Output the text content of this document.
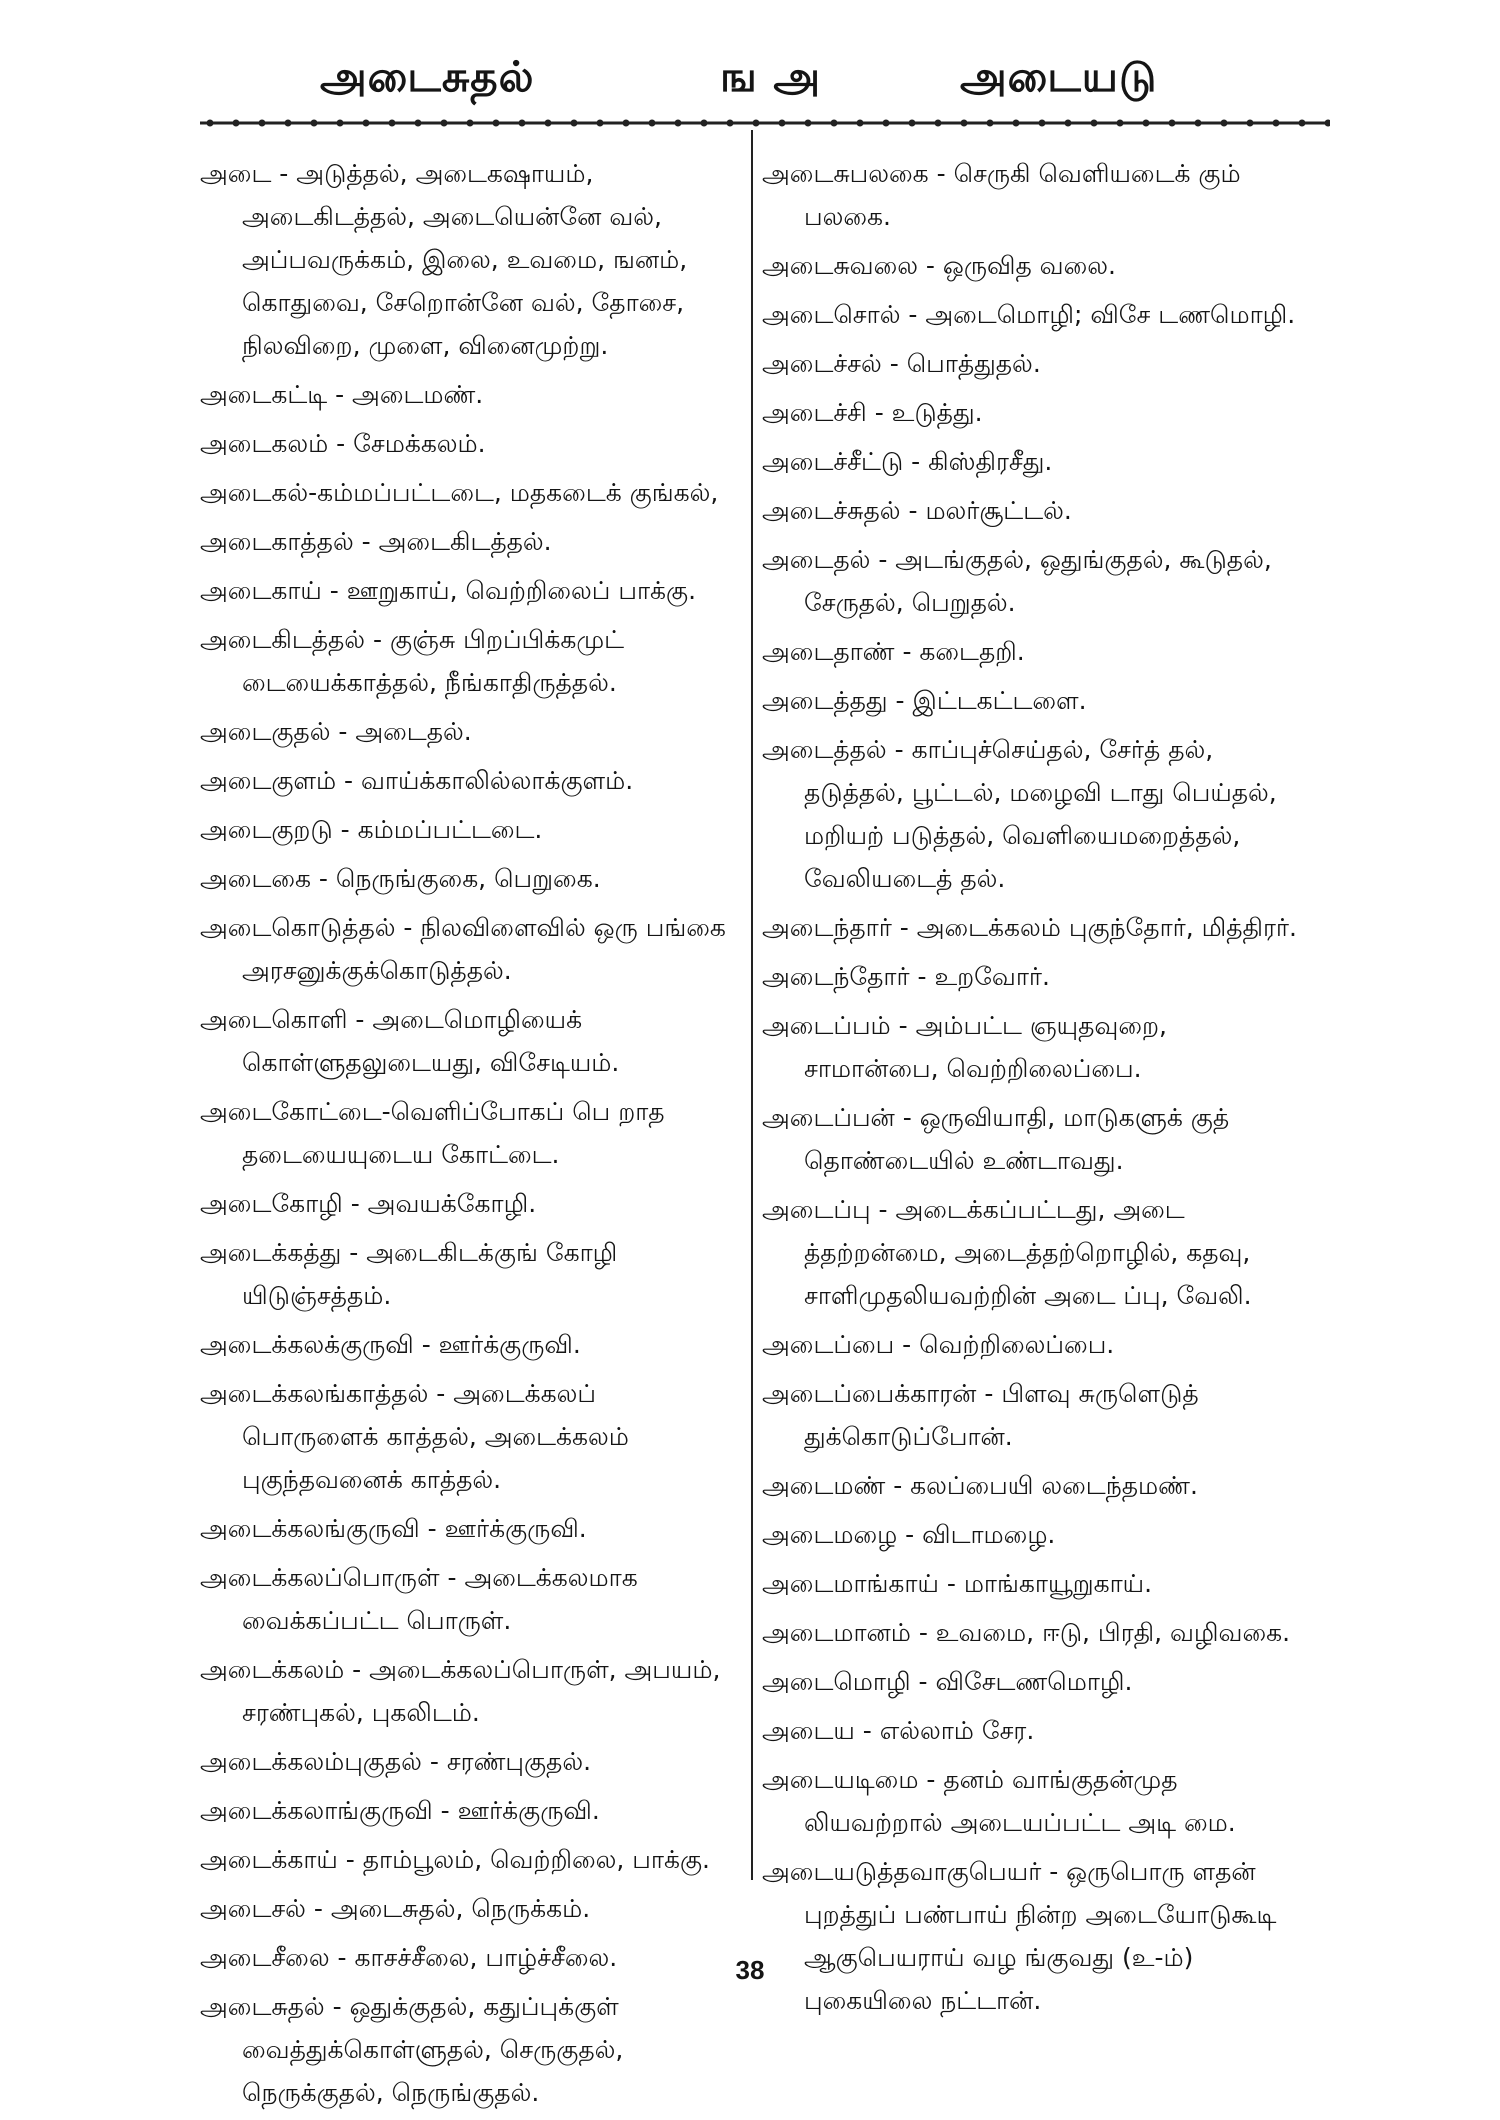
அடைசுதல்	ங அ	அடையடு
அடை - அடுத்தல், அடைகஷாயம், அடைகிடத்தல், அடையென்னே வல், அப்பவருக்கம், இலை, உவமை, ஙனம், கொதுவை, சேறொன்னே வல், தோசை, நிலவிறை, முளை, வினைமுற்று.
அடைகட்டி - அடைமண்.
அடைகலம் - சேமக்கலம்.
அடைகல்-கம்மப்பட்டடை, மதகடைக் குங்கல்,
அடைகாத்தல் - அடைகிடத்தல்.
அடைகாய் - ஊறுகாய், வெற்றிலைப் பாக்கு.
அடைகிடத்தல் - குஞ்சு பிறப்பிக்கமுட் டையைக்காத்தல், நீங்காதிருத்தல்.
அடைகுதல் - அடைதல்.
அடைகுளம் - வாய்க்காலில்லாக்குளம்.
அடைகுறடு - கம்மப்பட்டடை.
அடைகை - நெருங்குகை, பெறுகை.
அடைகொடுத்தல் - நிலவிளைவில் ஒரு பங்கை அரசனுக்குக்கொடுத்தல்.
அடைகொளி - அடைமொழியைக் கொள்ளுதலுடையது, விசேடியம்.
அடைகோட்டை-வெளிப்போகப் பெ றாத தடையையுடைய கோட்டை.
அடைகோழி - அவயக்கோழி.
அடைக்கத்து - அடைகிடக்குங் கோழி யிடுஞ்சத்தம்.
அடைக்கலக்குருவி - ஊர்க்குருவி.
அடைக்கலங்காத்தல் - அடைக்கலப் பொருளைக் காத்தல், அடைக்கலம் புகுந்தவனைக் காத்தல்.
அடைக்கலங்குருவி - ஊர்க்குருவி.
அடைக்கலப்பொருள் - அடைக்கலமாக வைக்கப்பட்ட பொருள்.
அடைக்கலம் - அடைக்கலப்பொருள், அபயம், சரண்புகல், புகலிடம்.
அடைக்கலம்புகுதல் - சரண்புகுதல்.
அடைக்கலாங்குருவி - ஊர்க்குருவி.
அடைக்காய் - தாம்பூலம், வெற்றிலை, பாக்கு.
அடைசல் - அடைசுதல், நெருக்கம்.
அடைசீலை - காசச்சீலை, பாழ்ச்சீலை.
அடைசுதல் - ஒதுக்குதல், கதுப்புக்குள் வைத்துக்கொள்ளுதல், செருகுதல், நெருக்குதல், நெருங்குதல்.
அடைசுபலகை - செருகி வெளியடைக் கும் பலகை.
அடைசுவலை - ஒருவித வலை.
அடைசொல் - அடைமொழி; விசே டணமொழி.
அடைச்சல் - பொத்துதல்.
அடைச்சி - உடுத்து.
அடைச்சீட்டு - கிஸ்திரசீது.
அடைச்சுதல் - மலர்சூட்டல்.
அடைதல் - அடங்குதல், ஒதுங்குதல், கூடுதல், சேருதல், பெறுதல்.
அடைதாண் - கடைதறி.
அடைத்தது - இட்டகட்டளை.
அடைத்தல் - காப்புச்செய்தல், சேர்த் தல், தடுத்தல், பூட்டல், மழைவி டாது பெய்தல், மறியற் படுத்தல், வெளியைமறைத்தல், வேலியடைத் தல்.
அடைந்தார் - அடைக்கலம் புகுந்தோர், மித்திரர்.
அடைந்தோர் - உறவோர்.
அடைப்பம் - அம்பட்ட ஞயுதவுறை, சாமான்பை, வெற்றிலைப்பை.
அடைப்பன் - ஒருவியாதி, மாடுகளுக் குத் தொண்டையில் உண்டாவது.
அடைப்பு - அடைக்கப்பட்டது, அடை த்தற்றன்மை, அடைத்தற்றொழில், கதவு, சாளிமுதலியவற்றின் அடை ப்பு, வேலி.
அடைப்பை - வெற்றிலைப்பை.
அடைப்பைக்காரன் - பிளவு சுருளெடுத் துக்கொடுப்போன்.
அடைமண் - கலப்பையி லடைந்தமண்.
அடைமழை - விடாமழை.
அடைமாங்காய் - மாங்காயூறுகாய்.
அடைமானம் - உவமை, ஈடு, பிரதி, வழிவகை.
அடைமொழி - விசேடணமொழி.
அடைய - எல்லாம் சேர.
அடையடிமை - தனம் வாங்குதன்முத லியவற்றால் அடையப்பட்ட அடி மை.
அடையடுத்தவாகுபெயர் - ஒருபொரு ளதன் புறத்துப் பண்பாய் நின்ற அடையோடுகூடி ஆகுபெயராய் வழ ங்குவது (உ-ம்) புகையிலை நட்டான்.
38
